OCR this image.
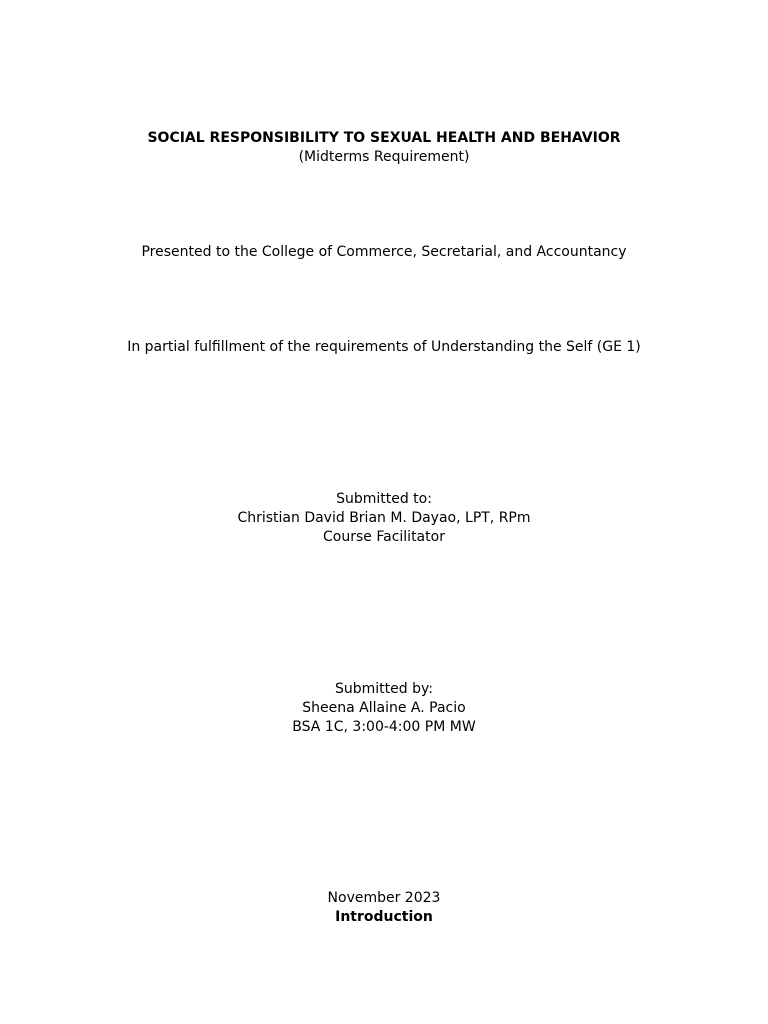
SOCIAL RESPONSIBILITY TO SEXUAL HEALTH AND BEHAVIOR
(Midterms Requirement)
Presented to the College of Commerce, Secretarial, and Accountancy
In partial fulfillment of the requirements of Understanding the Self (GE 1)
Submitted to:
Christian David Brian M. Dayao, LPT, RPm
Course Facilitator
Submitted by:
Sheena Allaine A. Pacio
BSA 1C, 3:00-4:00 PM MW
November 2023
Introduction
